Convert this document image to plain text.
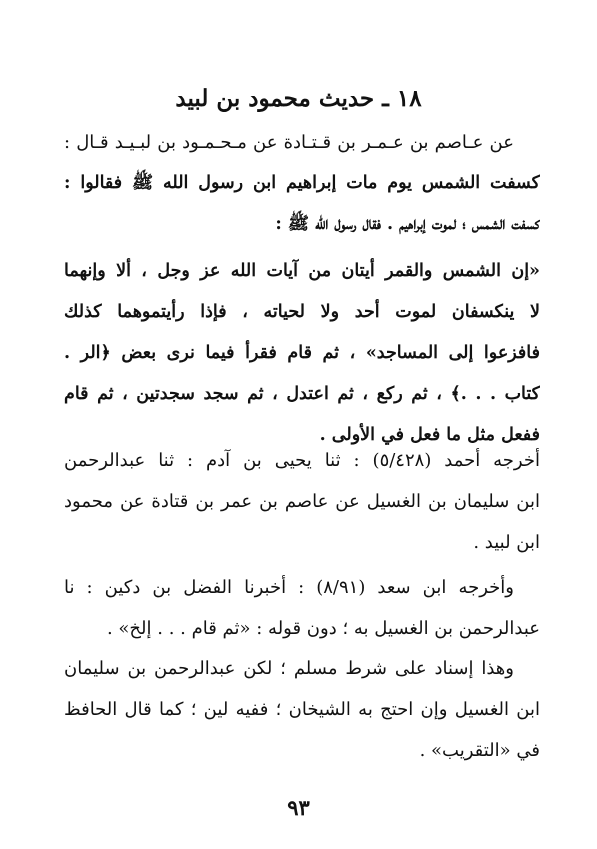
١٨ ـ حديث محمود بن لبيد
عن عـاصم بن عـمـر بن قـتـادة عن مـحـمـود بن لبـيـد قـال :
كسفت الشمس يوم مات إبراهيم ابن رسول الله ﷺ فقالوا :
كسفت الشمس ؛ لموت إبراهيم . فقال رسول الله ﷺ :
«إن الشمس والقمر أيتان من آيات الله عز وجل ، ألا وإنهما
لا ينكسفان لموت أحد ولا لحياته ، فإذا رأيتموهما كذلك
فافزعوا إلى المساجد» ، ثم قام فقرأ فيما نرى بعض ﴿الر .
كتاب . . .﴾ ، ثم ركع ، ثم اعتدل ، ثم سجد سجدتين ، ثم قام
ففعل مثل ما فعل في الأولى .
أخرجه أحمد (٥/٤٢٨) : ثنا يحيى بن آدم : ثنا عبدالرحمن
ابن سليمان بن الغسيل عن عاصم بن عمر بن قتادة عن محمود
ابن لبيد .
وأخرجه ابن سعد (٨/٩١) : أخبرنا الفضل بن دكين : نا
عبدالرحمن بن الغسيل به ؛ دون قوله : «ثم قام . . . إلخ» .
وهذا إسناد على شرط مسلم ؛ لكن عبدالرحمن بن سليمان
ابن الغسيل وإن احتج به الشيخان ؛ ففيه لين ؛ كما قال الحافظ
في «التقريب» .
٩٣
